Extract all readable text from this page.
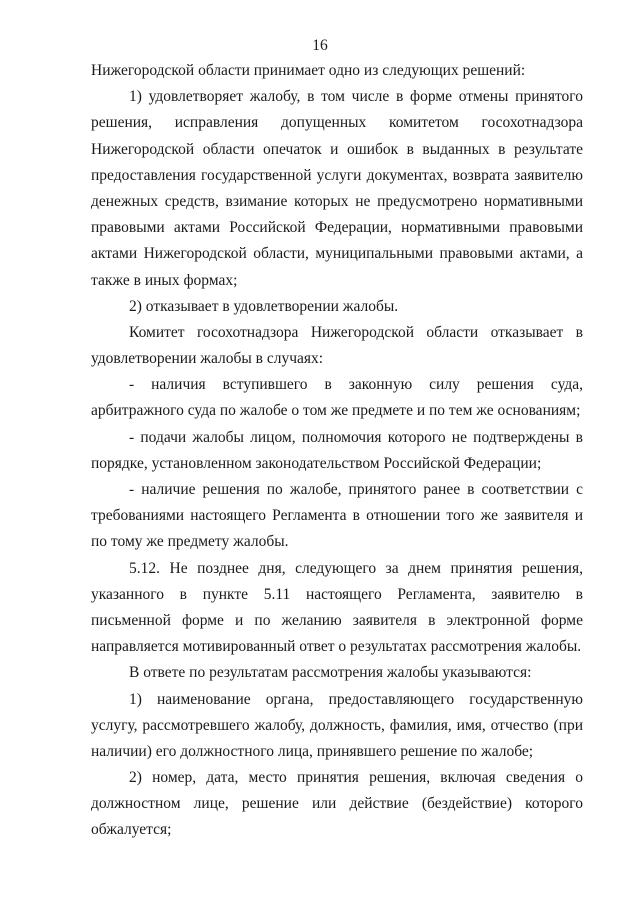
16
Нижегородской области принимает одно из следующих решений:
1) удовлетворяет жалобу, в том числе в форме отмены принятого
решения, исправления допущенных комитетом госохотнадзора
Нижегородской области опечаток и ошибок в выданных в результате
предоставления государственной услуги документах, возврата заявителю
денежных средств, взимание которых не предусмотрено нормативными
правовыми актами Российской Федерации, нормативными правовыми
актами Нижегородской области, муниципальными правовыми актами, а
также в иных формах;
2) отказывает в удовлетворении жалобы.
Комитет госохотнадзора Нижегородской области отказывает в
удовлетворении жалобы в случаях:
- наличия вступившего в законную силу решения суда,
арбитражного суда по жалобе о том же предмете и по тем же основаниям;
- подачи жалобы лицом, полномочия которого не подтверждены в
порядке, установленном законодательством Российской Федерации;
- наличие решения по жалобе, принятого ранее в соответствии с
требованиями настоящего Регламента в отношении того же заявителя и
по тому же предмету жалобы.
5.12. Не позднее дня, следующего за днем принятия решения,
указанного в пункте 5.11 настоящего Регламента, заявителю в
письменной форме и по желанию заявителя в электронной форме
направляется мотивированный ответ о результатах рассмотрения жалобы.
В ответе по результатам рассмотрения жалобы указываются:
1) наименование органа, предоставляющего государственную
услугу, рассмотревшего жалобу, должность, фамилия, имя, отчество (при
наличии) его должностного лица, принявшего решение по жалобе;
2) номер, дата, место принятия решения, включая сведения о
должностном лице, решение или действие (бездействие) которого
обжалуется;
